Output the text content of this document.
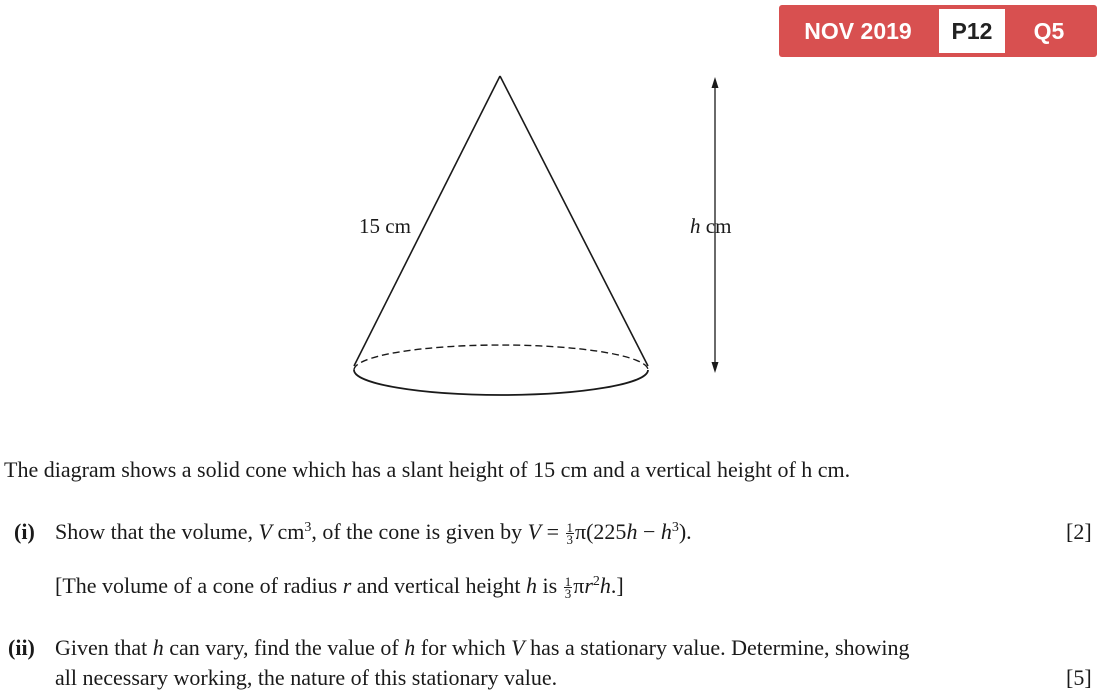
NOV 2019	P12	Q5
15 cm	h cm
The diagram shows a solid cone which has a slant height of 15 cm and a vertical height of h cm.
(i) Show that the volume, V $cm^3$, of the cone is given by $V = \frac{1}{3} \pi(225h - h^3)$.	[2]
[The volume of a cone of radius r and vertical height h is $\frac{1}{3} \pi r^2h$.]
(ii) Given that h can vary, find the value of h for which V has a stationary value. Determine, showing
all necessary working, the nature of this stationary value.	[5]
